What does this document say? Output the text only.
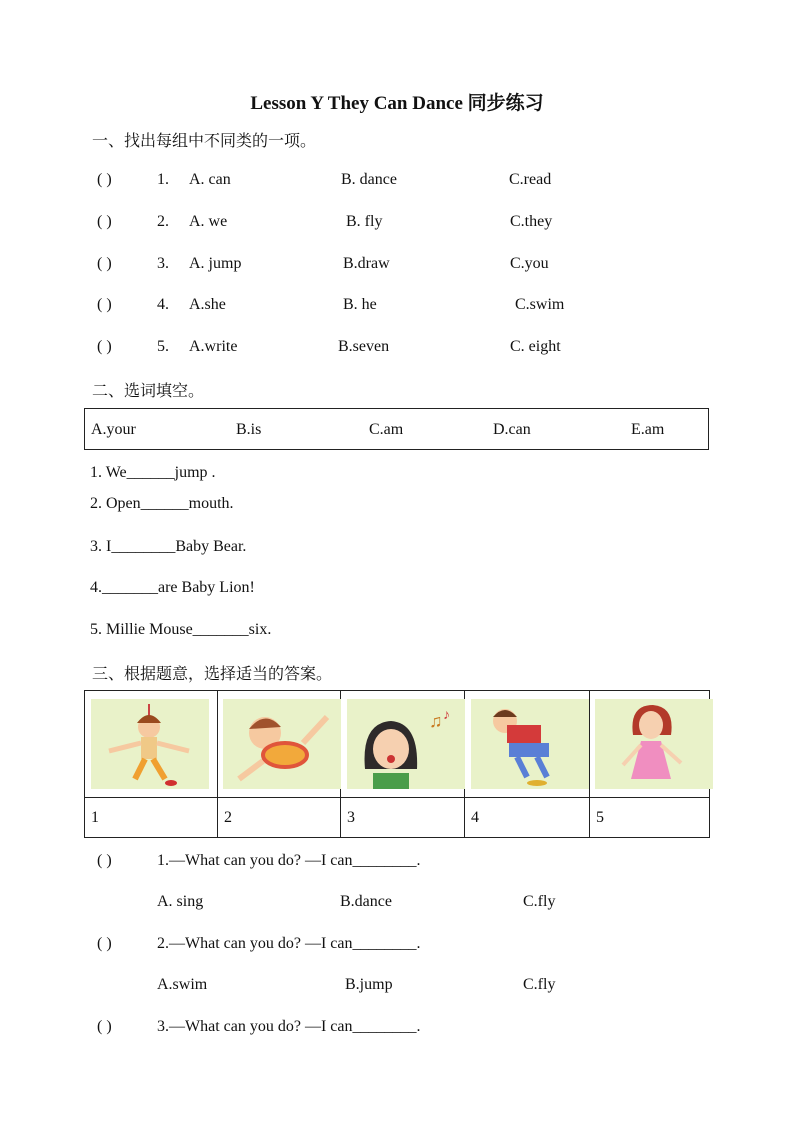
Lesson Y They Can Dance 同步练习
一、找出每组中不同类的一项。
( )	1. A. can	B. dance	C.read
( )	2. A. we	B. fly	C.they
( )	3. A. jump	B.draw	C.you
( )	4. A.she	B. he	C.swim
( )	5. A.write	B.seven	C. eight
二、选词填空。
A.your	B.is	C.am	D.can	E.am
1. We______jump .
2. Open______mouth.
3. I________Baby Bear.
4._______are Baby Lion!
5. Millie Mouse_______six.
三、根据题意，选择适当的答案。
♫ ♪
1	2	3	4	5
( )	1.—What can you do? —I can________.
A. sing	B.dance	C.fly
( )	2.—What can you do? —I can________.
A.swim	B.jump	C.fly
( )	3.—What can you do? —I can________.
